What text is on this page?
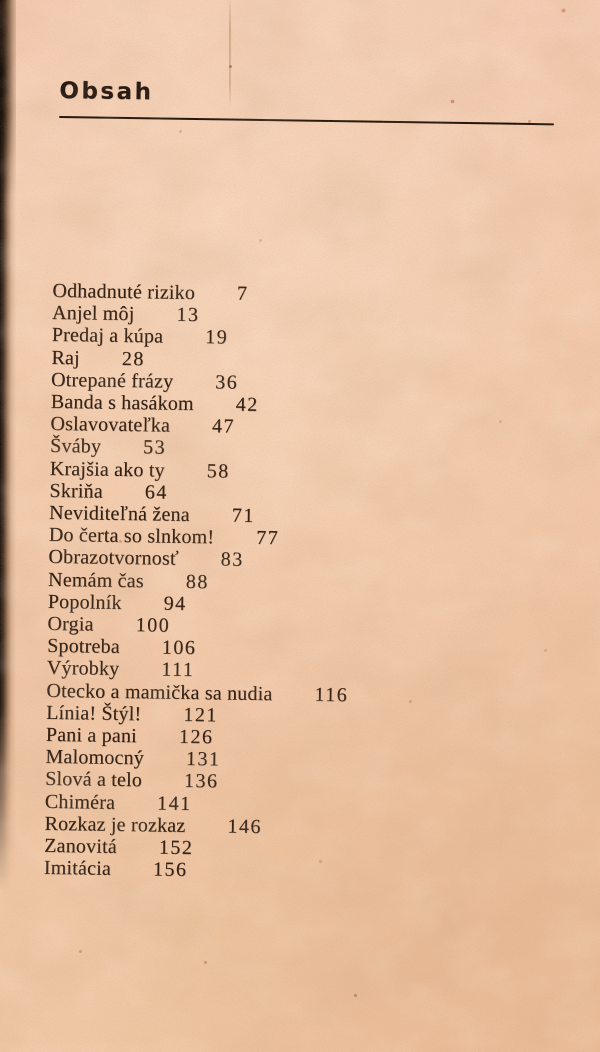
Obsah
Odhadnuté riziko 7
Anjel môj 13
Predaj a kúpa 19
Raj 28
Otrepané frázy 36
Banda s hasákom 42
Oslavovateľka 47
Šváby 53
Krajšia ako ty 58
Skriňa 64
Neviditeľná žena 71
Do čerta so slnkom! 77
Obrazotvornosť 83
Nemám čas 88
Popolník 94
Orgia 100
Spotreba 106
Výrobky 111
Otecko a mamička sa nudia 116
Línia! Štýl! 121
Pani a pani 126
Malomocný 131
Slová a telo 136
Chiméra 141
Rozkaz je rozkaz 146
Zanovitá 152
Imitácia 156
